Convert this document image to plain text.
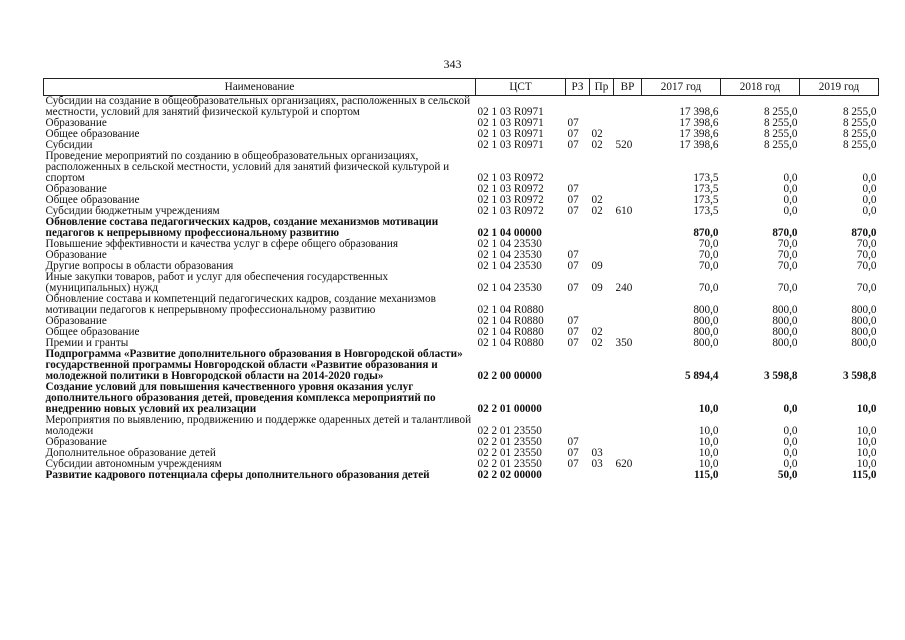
343
Наименование	ЦСТ	РЗ	Пр	ВР	2017 год	2018 год	2019 год
Субсидии на создание в общеобразовательных организациях, расположенных в сельской местности, условий для занятий физической культурой и спортом	02 1 03 R0971				17 398,6	8 255,0	8 255,0
Образование	02 1 03 R0971	07			17 398,6	8 255,0	8 255,0
Общее образование	02 1 03 R0971	07	02		17 398,6	8 255,0	8 255,0
Субсидии	02 1 03 R0971	07	02	520	17 398,6	8 255,0	8 255,0
Проведение мероприятий по созданию в общеобразовательных организациях, расположенных в сельской местности, условий для занятий физической культурой и спортом	02 1 03 R0972				173,5	0,0	0,0
Образование	02 1 03 R0972	07			173,5	0,0	0,0
Общее образование	02 1 03 R0972	07	02		173,5	0,0	0,0
Субсидии бюджетным учреждениям	02 1 03 R0972	07	02	610	173,5	0,0	0,0
Обновление состава педагогических кадров, создание механизмов мотивации педагогов к непрерывному профессиональному развитию	02 1 04 00000				870,0	870,0	870,0
Повышение эффективности и качества услуг в сфере общего образования	02 1 04 23530				70,0	70,0	70,0
Образование	02 1 04 23530	07			70,0	70,0	70,0
Другие вопросы в области образования	02 1 04 23530	07	09		70,0	70,0	70,0
Иные закупки товаров, работ и услуг для обеспечения государственных (муниципальных) нужд	02 1 04 23530	07	09	240	70,0	70,0	70,0
Обновление состава и компетенций педагогических кадров, создание механизмов мотивации педагогов к непрерывному профессиональному развитию	02 1 04 R0880				800,0	800,0	800,0
Образование	02 1 04 R0880	07			800,0	800,0	800,0
Общее образование	02 1 04 R0880	07	02		800,0	800,0	800,0
Премии и гранты	02 1 04 R0880	07	02	350	800,0	800,0	800,0
Подпрограмма «Развитие дополнительного образования в Новгородской области» государственной программы Новгородской области «Развитие образования и молодежной политики в Новгородской области на 2014-2020 годы»	02 2 00 00000				5 894,4	3 598,8	3 598,8
Создание условий для повышения качественного уровня оказания услуг дополнительного образования детей, проведения комплекса мероприятий по внедрению новых условий их реализации	02 2 01 00000				10,0	0,0	10,0
Мероприятия по выявлению, продвижению и поддержке одаренных детей и талантливой молодежи	02 2 01 23550				10,0	0,0	10,0
Образование	02 2 01 23550	07			10,0	0,0	10,0
Дополнительное образование детей	02 2 01 23550	07	03		10,0	0,0	10,0
Субсидии автономным учреждениям	02 2 01 23550	07	03	620	10,0	0,0	10,0
Развитие кадрового потенциала сферы дополнительного образования детей	02 2 02 00000				115,0	50,0	115,0
